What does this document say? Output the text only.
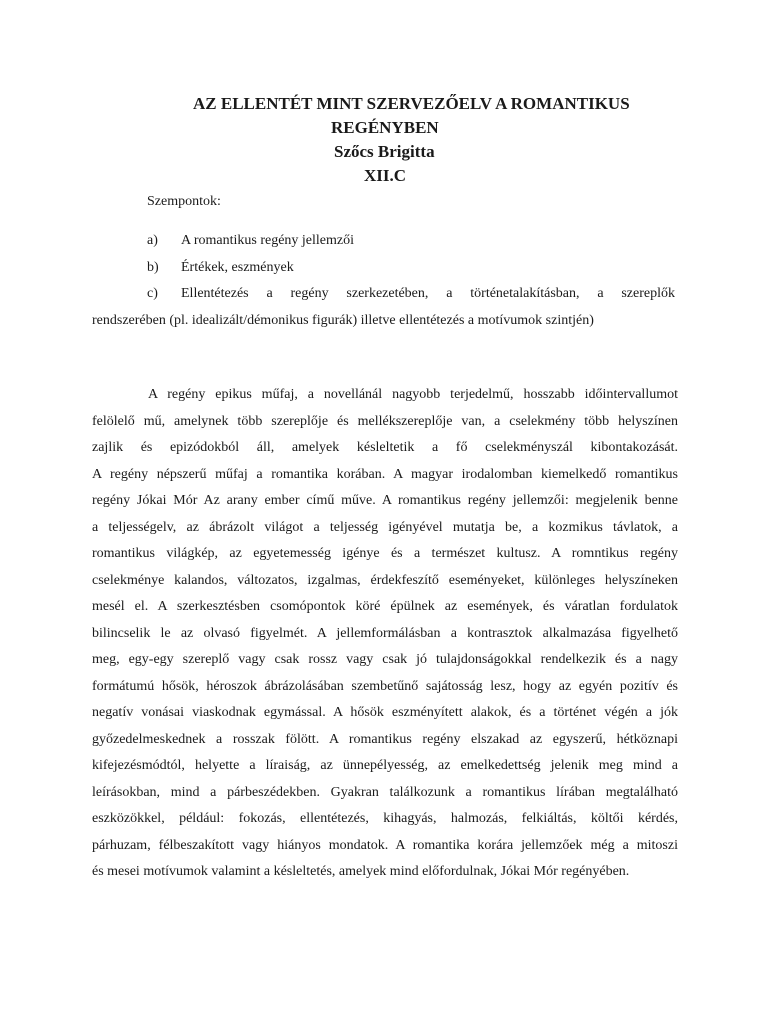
AZ ELLENTÉT MINT SZERVEZŐELV A ROMANTIKUS
REGÉNYBEN
Szőcs Brigitta
XII.C
Szempontok:
a) A romantikus regény jellemzői
b) Értékek, eszmények
c) Ellentétezés a regény szerkezetében, a történetalakításban, a szereplők
rendszerében (pl. idealizált/démonikus figurák) illetve ellentétezés a motívumok szintjén)
A regény epikus műfaj, a novellánál nagyobb terjedelmű, hosszabb időintervallumot
felölelő mű, amelynek több szereplője és mellékszereplője van, a cselekmény több helyszínen
zajlik és epizódokból áll, amelyek késleltetik a fő cselekményszál kibontakozását.
A regény népszerű műfaj a romantika korában. A magyar irodalomban kiemelkedő romantikus
regény Jókai Mór Az arany ember című műve. A romantikus regény jellemzői: megjelenik benne
a teljességelv, az ábrázolt világot a teljesség igényével mutatja be, a kozmikus távlatok, a
romantikus világkép, az egyetemesség igénye és a természet kultusz. A romntikus regény
cselekménye kalandos, változatos, izgalmas, érdekfeszítő eseményeket, különleges helyszíneken
mesél el. A szerkesztésben csomópontok köré épülnek az események, és váratlan fordulatok
bilincselik le az olvasó figyelmét. A jellemformálásban a kontrasztok alkalmazása figyelhető
meg, egy-egy szereplő vagy csak rossz vagy csak jó tulajdonságokkal rendelkezik és a nagy
formátumú hősök, héroszok ábrázolásában szembetűnő sajátosság lesz, hogy az egyén pozitív és
negatív vonásai viaskodnak egymással. A hősök eszményített alakok, és a történet végén a jók
győzedelmeskednek a rosszak fölött. A romantikus regény elszakad az egyszerű, hétköznapi
kifejezésmódtól, helyette a líraiság, az ünnepélyesség, az emelkedettség jelenik meg mind a
leírásokban, mind a párbeszédekben. Gyakran találkozunk a romantikus lírában megtalálható
eszközökkel, például: fokozás, ellentétezés, kihagyás, halmozás, felkiáltás, költői kérdés,
párhuzam, félbeszakított vagy hiányos mondatok. A romantika korára jellemzőek még a mitoszi
és mesei motívumok valamint a késleltetés, amelyek mind előfordulnak, Jókai Mór regényében.
